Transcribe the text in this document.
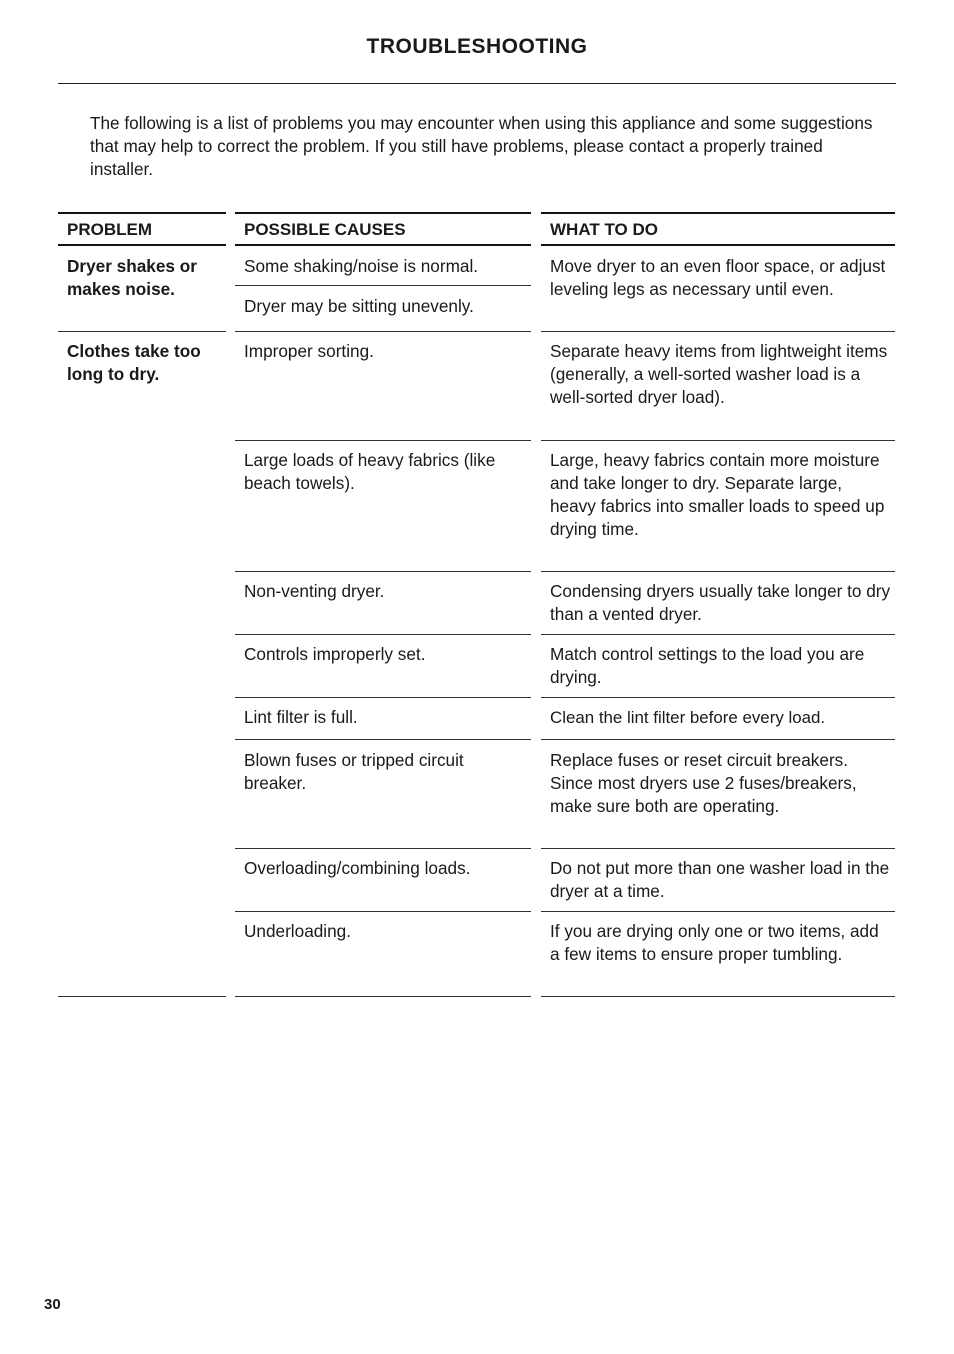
TROUBLESHOOTING
The following is a list of problems you may encounter when using this appliance and some suggestions that may help to correct the problem. If you still have problems, please contact a properly trained installer.
PROBLEM	POSSIBLE CAUSES	WHAT TO DO
Dryer shakes or makes noise.
Clothes take too long to dry.
Some shaking/noise is normal.
Dryer may be sitting unevenly.
Improper sorting.
Large loads of heavy fabrics (like beach towels).
Non-venting dryer.
Controls improperly set.
Lint filter is full.
Blown fuses or tripped circuit breaker.
Overloading/combining loads.
Underloading.
Move dryer to an even floor space, or adjust leveling legs as necessary until even.
Separate heavy items from lightweight items (generally, a well-sorted washer load is a well-sorted dryer load).
Large, heavy fabrics contain more moisture and take longer to dry. Separate large, heavy fabrics into smaller loads to speed up drying time.
Condensing dryers usually take longer to dry than a vented dryer.
Match control settings to the load you are drying.
Clean the lint filter before every load.
Replace fuses or reset circuit breakers. Since most dryers use 2 fuses/breakers, make sure both are operating.
Do not put more than one washer load in the dryer at a time.
If you are drying only one or two items, add a few items to ensure proper tumbling.
30
